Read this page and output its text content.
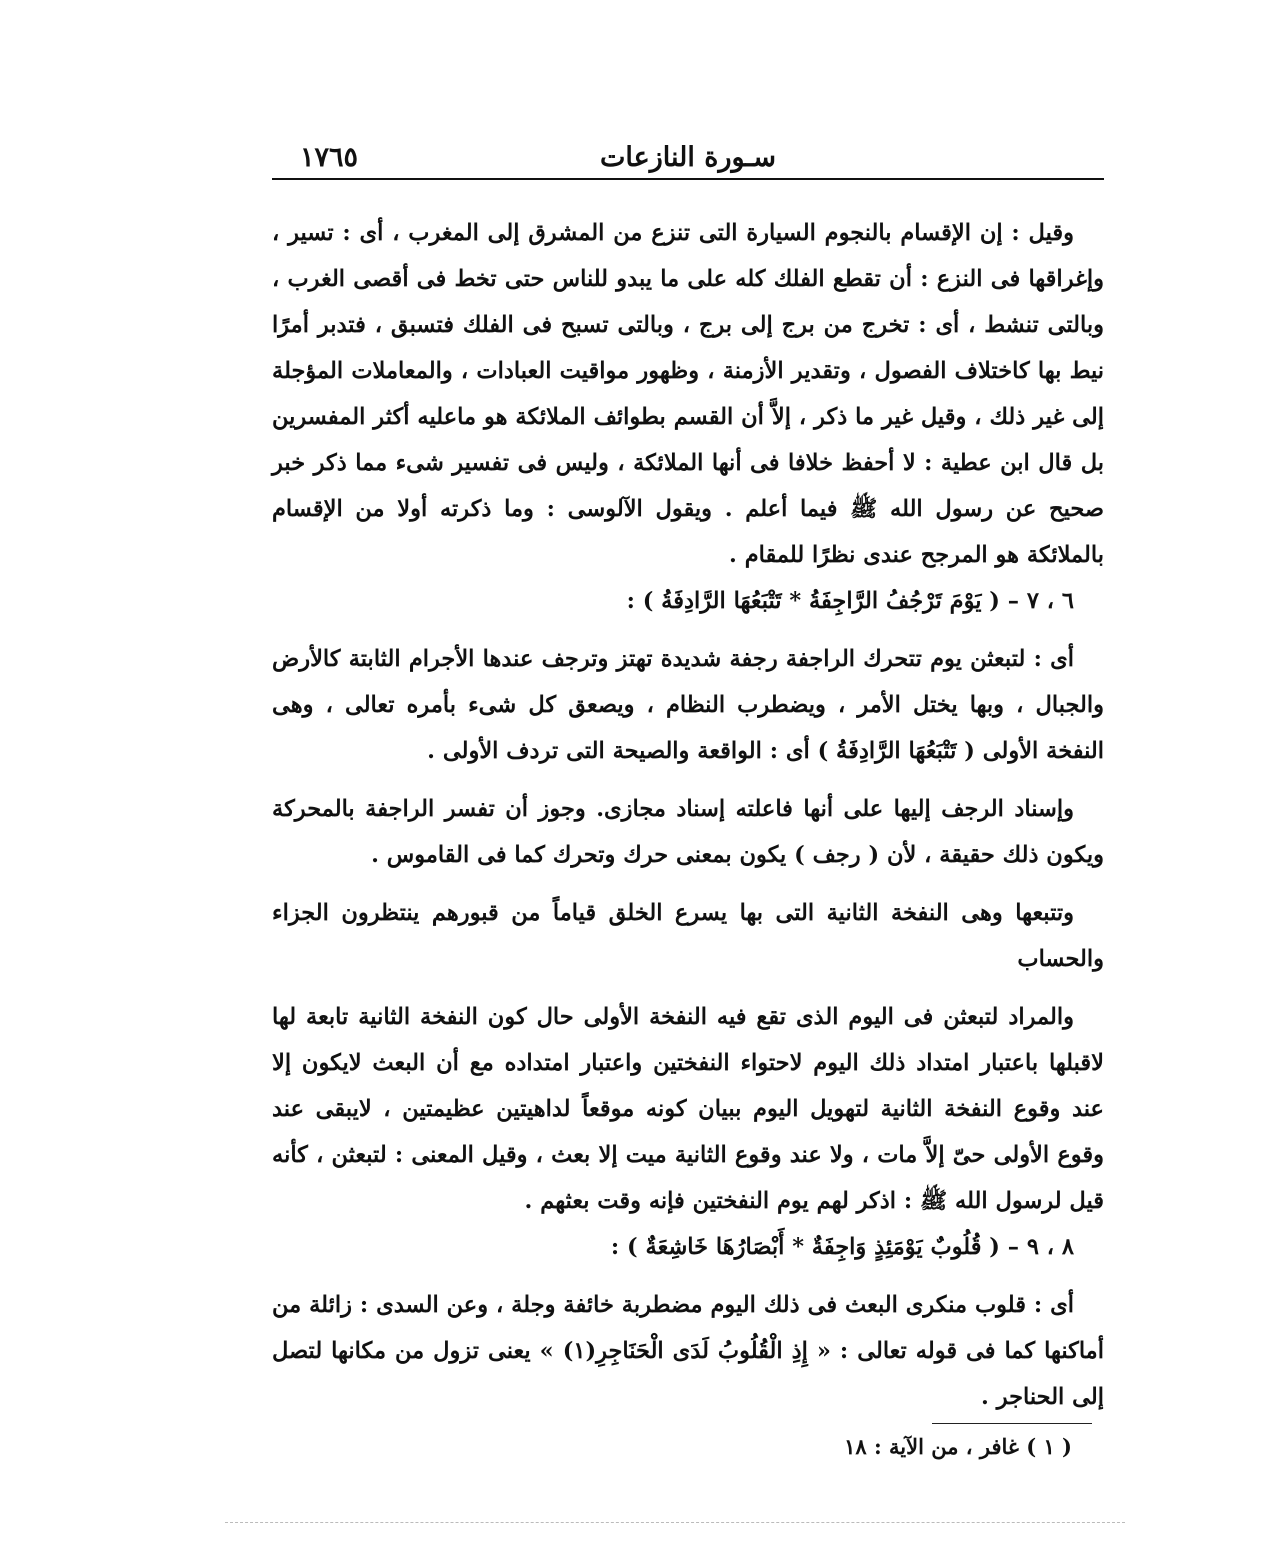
سـورة النازعات
١٧٦٥

وقيل : إن الإقسام بالنجوم السيارة التى تنزع من المشرق إلى المغرب ، أى : تسير ، وإغراقها فى النزع : أن تقطع الفلك كله على ما يبدو للناس حتى تخط فى أقصى الغرب ، وبالتى تنشط ، أى : تخرج من برج إلى برج ، وبالتى تسبح فى الفلك فتسبق ، فتدبر أمرًا نيط بها كاختلاف الفصول ، وتقدير الأزمنة ، وظهور مواقيت العبادات ، والمعاملات المؤجلة إلى غير ذلك ، وقيل غير ما ذكر ، إلاَّ أن القسم بطوائف الملائكة هو ماعليه أكثر المفسرين بل قال ابن عطية : لا أحفظ خلافا فى أنها الملائكة ، وليس فى تفسير شىء مما ذكر خبر صحيح عن رسول الله ﷺ فيما أعلم . ويقول الآلوسى : وما ذكرته أولا من الإقسام بالملائكة هو المرجح عندى نظرًا للمقام .

٦ ، ٧ – ( يَوْمَ تَرْجُفُ الرَّاجِفَةُ * تَتْبَعُهَا الرَّادِفَةُ ) :

أى : لتبعثن يوم تتحرك الراجفة رجفة شديدة تهتز وترجف عندها الأجرام الثابتة كالأرض والجبال ، وبها يختل الأمر ، ويضطرب النظام ، ويصعق كل شىء بأمره تعالى ، وهى النفخة الأولى ( تَتْبَعُهَا الرَّادِفَةُ ) أى : الواقعة والصيحة التى تردف الأولى .

وإسناد الرجف إليها على أنها فاعلته إسناد مجازى. وجوز أن تفسر الراجفة بالمحركة ويكون ذلك حقيقة ، لأن ( رجف ) يكون بمعنى حرك وتحرك كما فى القاموس .

وتتبعها وهى النفخة الثانية التى بها يسرع الخلق قياماً من قبورهم ينتظرون الجزاء والحساب

والمراد لتبعثن فى اليوم الذى تقع فيه النفخة الأولى حال كون النفخة الثانية تابعة لها لاقبلها باعتبار امتداد ذلك اليوم لاحتواء النفختين واعتبار امتداده مع أن البعث لايكون إلا عند وقوع النفخة الثانية لتهويل اليوم ببيان كونه موقعاً لداهيتين عظيمتين ، لايبقى عند وقوع الأولى حىّ إلاَّ مات ، ولا عند وقوع الثانية ميت إلا بعث ، وقيل المعنى : لتبعثن ، كأنه قيل لرسول الله ﷺ : اذكر لهم يوم النفختين فإنه وقت بعثهم .

٨ ، ٩ – ( قُلُوبٌ يَوْمَئِذٍ وَاجِفَةٌ * أَبْصَارُهَا خَاشِعَةٌ ) :

أى : قلوب منكرى البعث فى ذلك اليوم مضطربة خائفة وجلة ، وعن السدى : زائلة من أماكنها كما فى قوله تعالى : « إِذِ الْقُلُوبُ لَدَى الْحَنَاجِرِ(١) » يعنى تزول من مكانها لتصل إلى الحناجر .

( ١ ) غافر ، من الآية : ١٨
